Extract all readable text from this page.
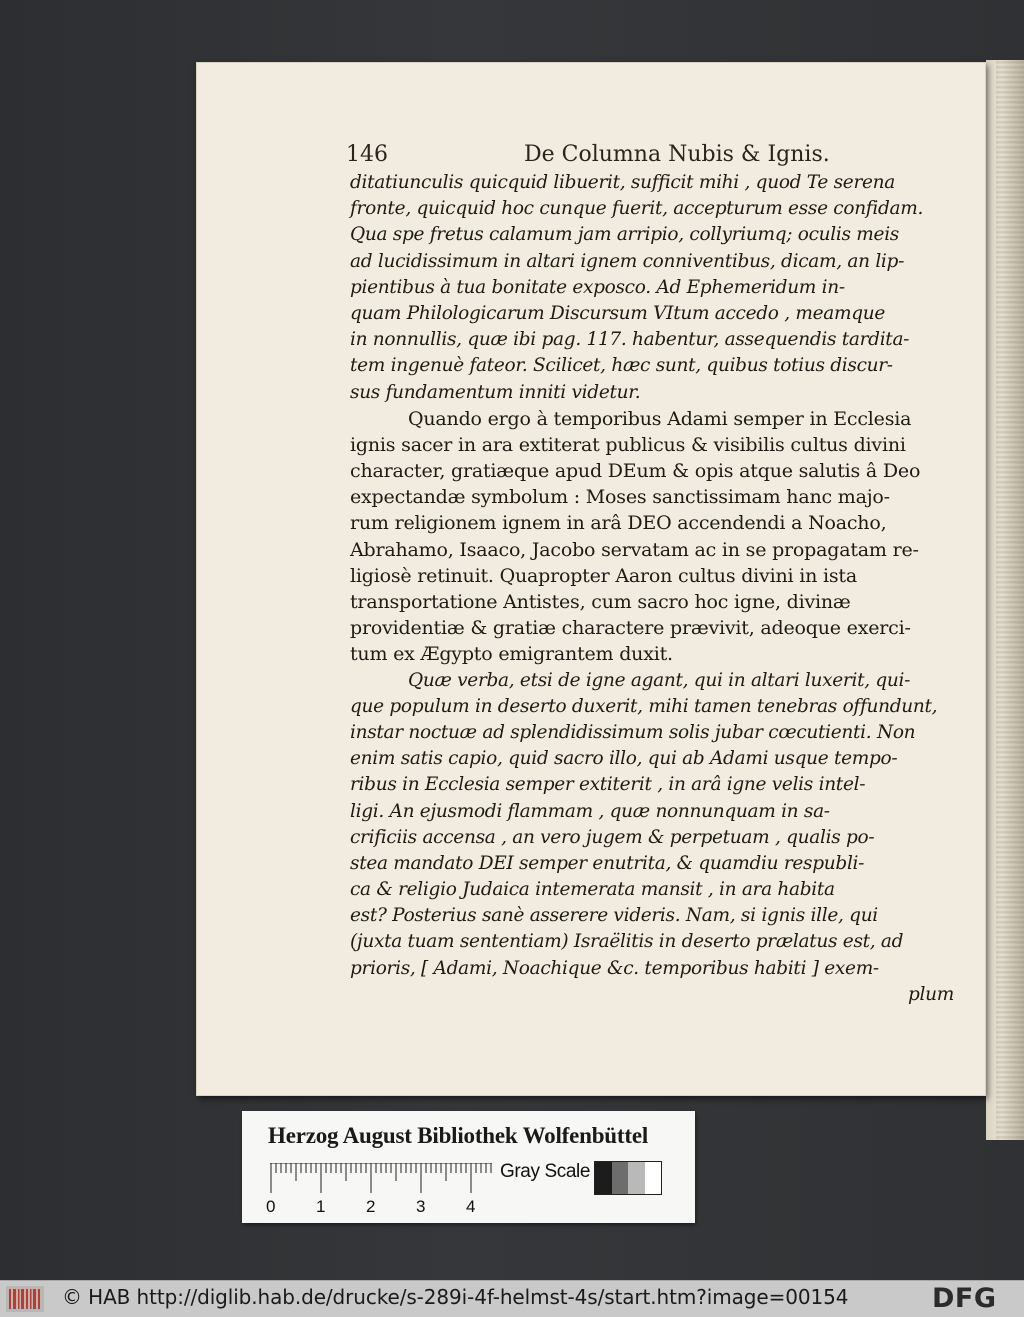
146	De Columna Nubis & Ignis.
ditatiunculis quicquid libuerit, sufficit mihi , quod Te serena
fronte, quicquid hoc cunque fuerit, accepturum esse confidam.
Qua spe fretus calamum jam arripio, collyriumq; oculis meis
ad lucidissimum in altari ignem conniventibus, dicam, an lip-
pientibus à tua bonitate exposco. Ad Ephemeridum in-
quam Philologicarum Discursum VItum accedo , meamque
in nonnullis, quæ ibi pag. 117. habentur, assequendis tardita-
tem ingenuè fateor. Scilicet, hæc sunt, quibus totius discur-
sus fundamentum inniti videtur.
Quando ergo à temporibus Adami semper in Ecclesia
ignis sacer in ara extiterat publicus & visibilis cultus divini
character, gratiæque apud DEum & opis atque salutis â Deo
expectandæ symbolum : Moses sanctissimam hanc majo-
rum religionem ignem in arâ DEO accendendi a Noacho,
Abrahamo, Isaaco, Jacobo servatam ac in se propagatam re-
ligiosè retinuit. Quapropter Aaron cultus divini in ista
transportatione Antistes, cum sacro hoc igne, divinæ
providentiæ & gratiæ charactere prævivit, adeoque exerci-
tum ex Ægypto emigrantem duxit.
Quæ verba, etsi de igne agant, qui in altari luxerit, qui-
que populum in deserto duxerit, mihi tamen tenebras offundunt,
instar noctuæ ad splendidissimum solis jubar cœcutienti. Non
enim satis capio, quid sacro illo, qui ab Adami usque tempo-
ribus in Ecclesia semper extiterit , in arâ igne velis intel-
ligi. An ejusmodi flammam , quæ nonnunquam in sa-
crificiis accensa , an vero jugem & perpetuam , qualis po-
stea mandato DEI semper enutrita, & quamdiu respubli-
ca & religio Judaica intemerata mansit , in ara habita
est? Posterius sanè asserere videris. Nam, si ignis ille, qui
(juxta tuam sententiam) Israëlitis in deserto prælatus est, ad
prioris, [ Adami, Noachique &c. temporibus habiti ] exem-
plum
Herzog August Bibliothek Wolfenbüttel
0 1 2 3 4
Gray Scale
© HAB http://diglib.hab.de/drucke/s-289i-4f-helmst-4s/start.htm?image=00154	DFG
